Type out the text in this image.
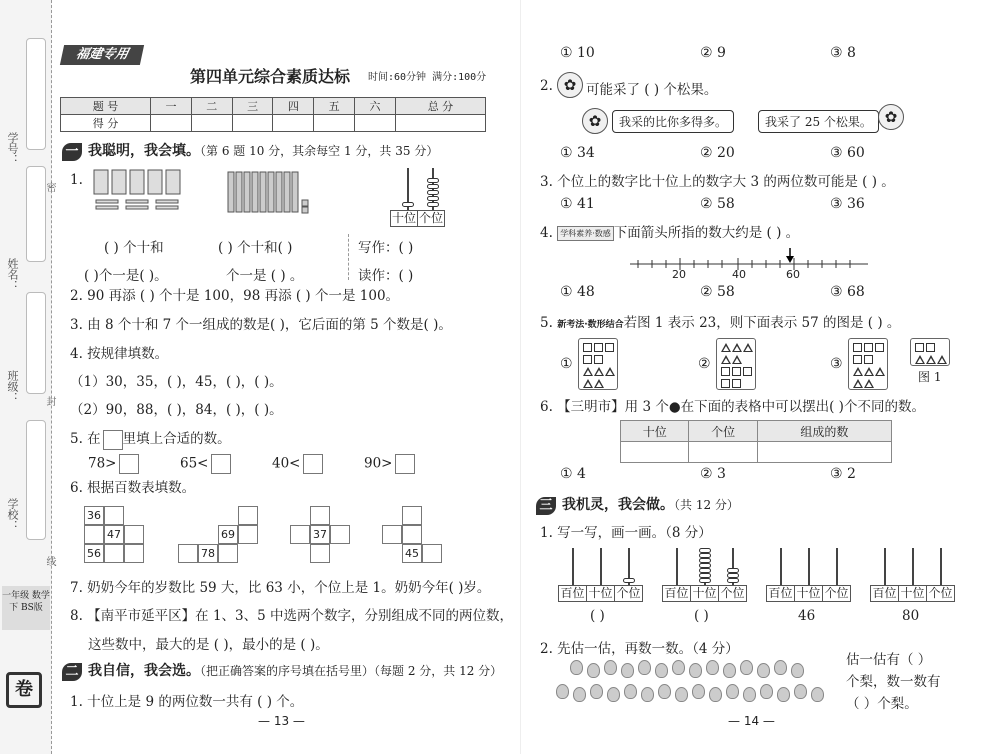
学号：
姓名：
班级：
学校：
密
封
线
一年级 数学 下 BS版
卷
福建专用
第四单元综合素质达标 时间:60分钟 满分:100分
题 号	一	二	三	四	五	六	总 分
得 分							
一 我聪明，我会填。（第 6 题 10 分，其余每空 1 分，共 35 分）
1.
十位 个位
( ) 个十和	( ) 个十和( )	写作：( )
( )个一是( )。	个一是 ( ) 。	读作：( )
2. 90 再添 ( ) 个十是 100，98 再添 ( ) 个一是 100。
3. 由 8 个十和 7 个一组成的数是( )，它后面的第 5 个数是( )。
4. 按规律填数。
（1）30，35，( )，45，( )，( )。
（2）90，88，( )，84，( )，( )。
5. 在 里填上合适的数。
78>	65<	40<	90>
6. 根据百数表填数。
36
47
56
69
78
37
45
7. 奶奶今年的岁数比 59 大，比 63 小，个位上是 1。奶奶今年( )岁。
8. 【南平市延平区】在 1、3、5 中选两个数字，分别组成不同的两位数，
这些数中，最大的是 ( )，最小的是 ( )。
二 我自信，我会选。（把正确答案的序号填在括号里）（每题 2 分，共 12 分）
1. 十位上是 9 的两位数一共有 ( ) 个。
— 13 —
① 10	② 9	③ 8
2. ✿ 可能采了 ( ) 个松果。
✿	我采的比你多得多。	我采了 25 个松果。 ✿
① 34	② 20	③ 60
3. 个位上的数字比十位上的数字大 3 的两位数可能是 ( ) 。
① 41	② 58	③ 36
4. 学科素养·数感 下面箭头所指的数大约是 ( ) 。
20	40	60
① 48	② 58	③ 68
5. 新考法·数形结合若图 1 表示 23，则下面表示 57 的图是 ( ) 。
①	②	③
图 1
6. 【三明市】用 3 个●在下面的表格中可以摆出( )个不同的数。
十位	个位	组成的数

① 4	② 3	③ 2
三 我机灵，我会做。（共 12 分）
1. 写一写，画一画。（8 分）
百位 十位 个位
( )
百位 十位 个位
( )
百位 十位 个位
46
百位 十位 个位
80
2. 先估一估，再数一数。（4 分）
估一估有（ ）
个梨，数一数有
（ ）个梨。
— 14 —
